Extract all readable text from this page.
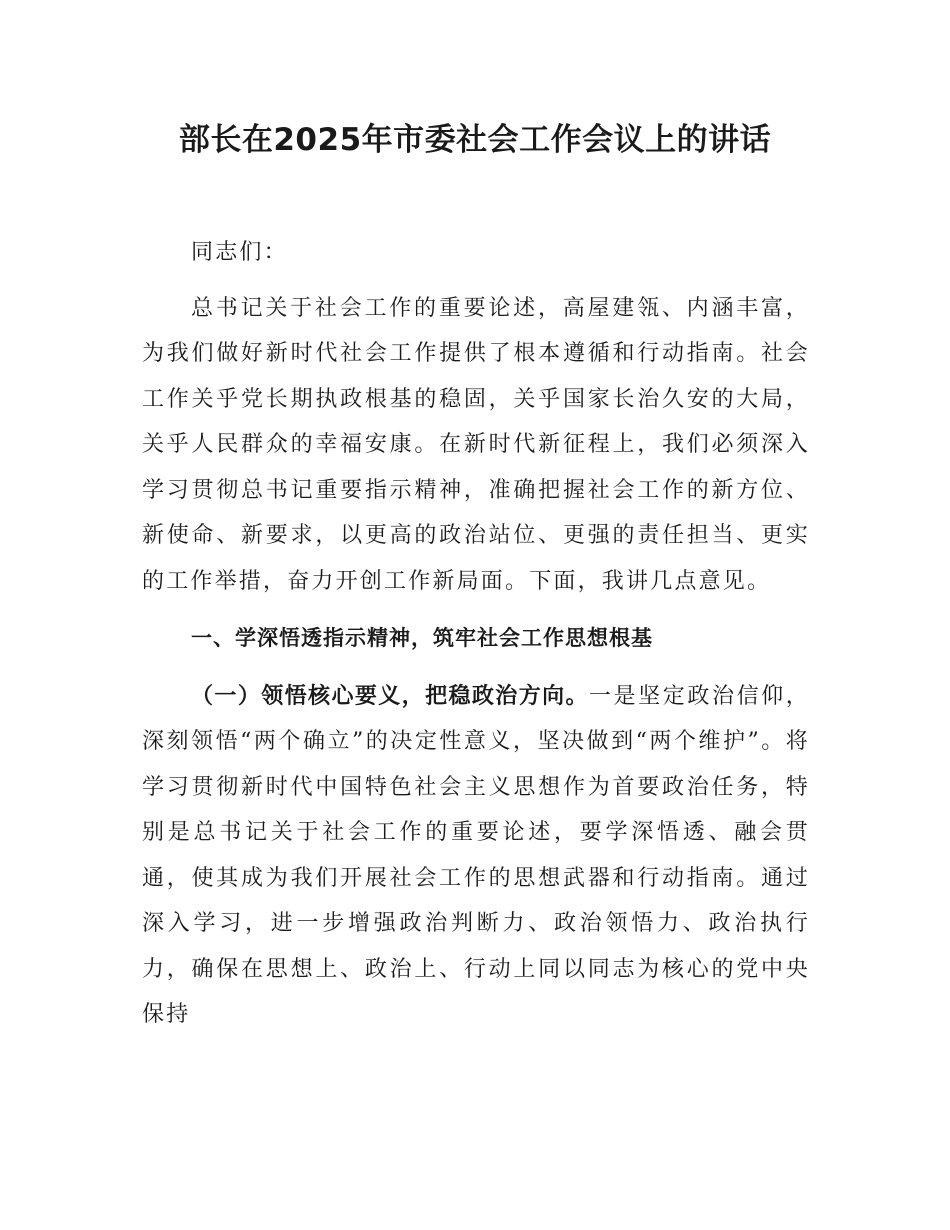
部长在2025年市委社会工作会议上的讲话

同志们：

总书记关于社会工作的重要论述，高屋建瓴、内涵丰富，为我们做好新时代社会工作提供了根本遵循和行动指南。社会工作关乎党长期执政根基的稳固，关乎国家长治久安的大局，关乎人民群众的幸福安康。在新时代新征程上，我们必须深入学习贯彻总书记重要指示精神，准确把握社会工作的新方位、新使命、新要求，以更高的政治站位、更强的责任担当、更实的工作举措，奋力开创工作新局面。下面，我讲几点意见。

一、学深悟透指示精神，筑牢社会工作思想根基

（一）领悟核心要义，把稳政治方向。一是坚定政治信仰，深刻领悟“两个确立”的决定性意义，坚决做到“两个维护”。将学习贯彻新时代中国特色社会主义思想作为首要政治任务，特别是总书记关于社会工作的重要论述，要学深悟透、融会贯通，使其成为我们开展社会工作的思想武器和行动指南。通过深入学习，进一步增强政治判断力、政治领悟力、政治执行力，确保在思想上、政治上、行动上同以同志为核心的党中央保持
